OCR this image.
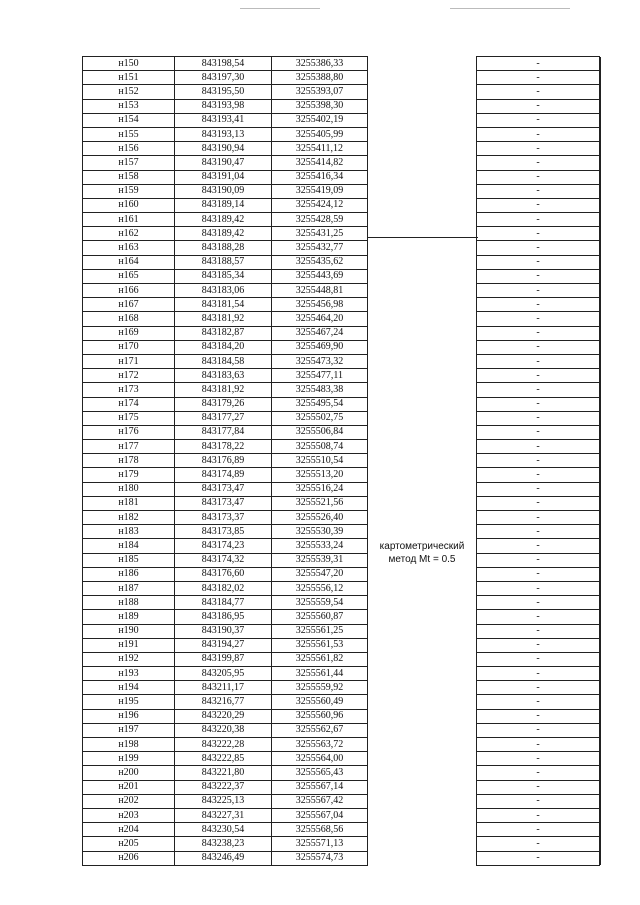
н150	843198,54	3255386,33		-	
н151	843197,30	3255388,80		-	
н152	843195,50	3255393,07		-	
н153	843193,98	3255398,30		-	
н154	843193,41	3255402,19		-	
н155	843193,13	3255405,99		-	
н156	843190,94	3255411,12		-	
н157	843190,47	3255414,82		-	
н158	843191,04	3255416,34		-	
н159	843190,09	3255419,09		-	
н160	843189,14	3255424,12		-	
н161	843189,42	3255428,59		-	
н162	843189,42	3255431,25		-	
н163	843188,28	3255432,77		-	
н164	843188,57	3255435,62		-	
н165	843185,34	3255443,69		-	
н166	843183,06	3255448,81		-	
н167	843181,54	3255456,98		-	
н168	843181,92	3255464,20		-	
н169	843182,87	3255467,24		-	
н170	843184,20	3255469,90		-	
н171	843184,58	3255473,32		-	
н172	843183,63	3255477,11		-	
н173	843181,92	3255483,38		-	
н174	843179,26	3255495,54		-	
н175	843177,27	3255502,75		-	
н176	843177,84	3255506,84		-	
н177	843178,22	3255508,74		-	
н178	843176,89	3255510,54		-	
н179	843174,89	3255513,20		-	
н180	843173,47	3255516,24		-	
н181	843173,47	3255521,56		-	
н182	843173,37	3255526,40		-	
н183	843173,85	3255530,39		-	
н184	843174,23	3255533,24		-	
н185	843174,32	3255539,31		-	
н186	843176,60	3255547,20		-	
н187	843182,02	3255556,12		-	
н188	843184,77	3255559,54		-	
н189	843186,95	3255560,87		-	
н190	843190,37	3255561,25		-	
н191	843194,27	3255561,53		-	
н192	843199,87	3255561,82		-	
н193	843205,95	3255561,44		-	
н194	843211,17	3255559,92		-	
н195	843216,77	3255560,49		-	
н196	843220,29	3255560,96		-	
н197	843220,38	3255562,67		-	
н198	843222,28	3255563,72		-	
н199	843222,85	3255564,00		-	
н200	843221,80	3255565,43		-	
н201	843222,37	3255567,14		-	
н202	843225,13	3255567,42		-	
н203	843227,31	3255567,04		-	
н204	843230,54	3255568,56		-	
н205	843238,23	3255571,13		-	
н206	843246,49	3255574,73		-	
картометрический
метод Mt = 0.5
